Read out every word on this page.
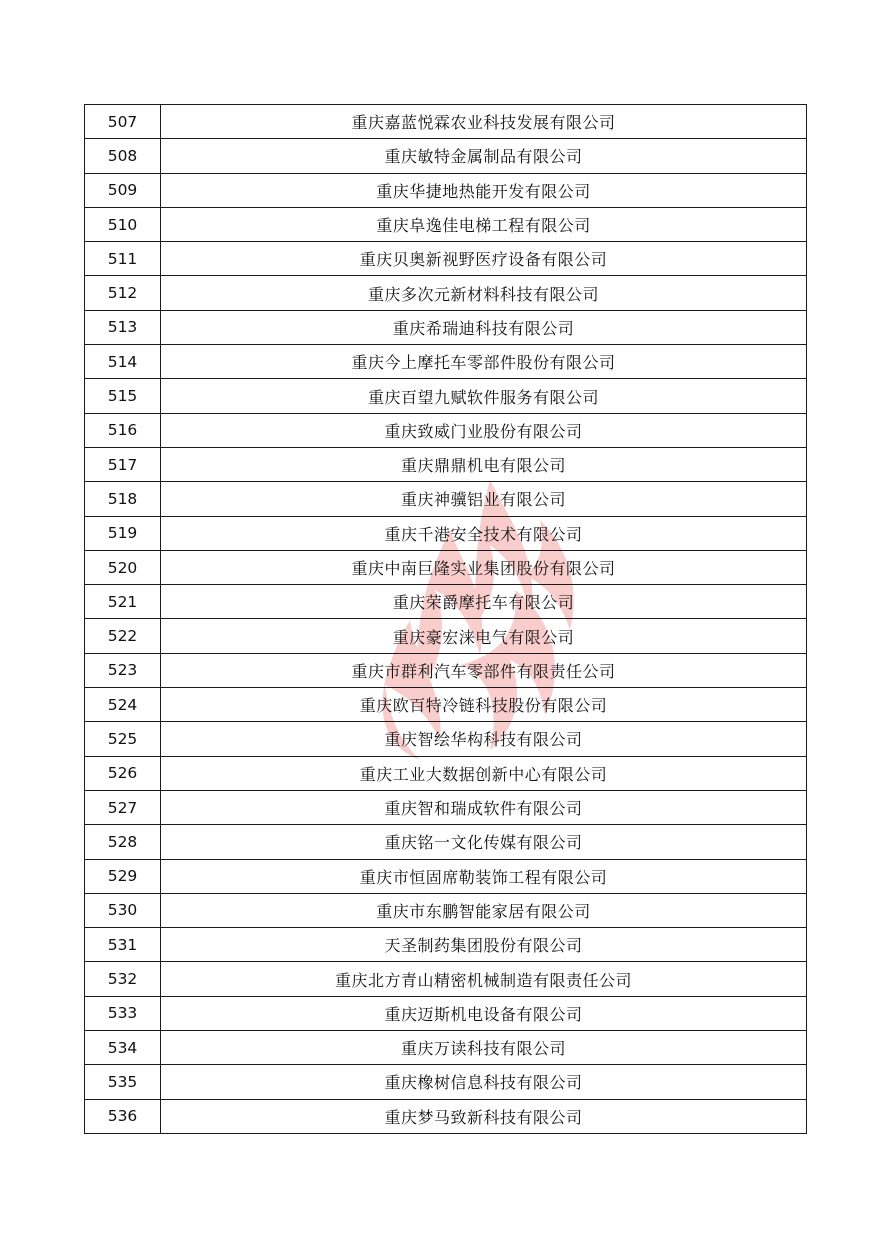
507	重庆嘉蓝悦霖农业科技发展有限公司
508	重庆敏特金属制品有限公司
509	重庆华捷地热能开发有限公司
510	重庆阜逸佳电梯工程有限公司
511	重庆贝奥新视野医疗设备有限公司
512	重庆多次元新材料科技有限公司
513	重庆希瑞迪科技有限公司
514	重庆今上摩托车零部件股份有限公司
515	重庆百望九赋软件服务有限公司
516	重庆致威门业股份有限公司
517	重庆鼎鼎机电有限公司
518	重庆神骥铝业有限公司
519	重庆千港安全技术有限公司
520	重庆中南巨隆实业集团股份有限公司
521	重庆荣爵摩托车有限公司
522	重庆豪宏涞电气有限公司
523	重庆市群利汽车零部件有限责任公司
524	重庆欧百特冷链科技股份有限公司
525	重庆智绘华构科技有限公司
526	重庆工业大数据创新中心有限公司
527	重庆智和瑞成软件有限公司
528	重庆铭一文化传媒有限公司
529	重庆市恒固席勒装饰工程有限公司
530	重庆市东鹏智能家居有限公司
531	天圣制药集团股份有限公司
532	重庆北方青山精密机械制造有限责任公司
533	重庆迈斯机电设备有限公司
534	重庆万读科技有限公司
535	重庆橡树信息科技有限公司
536	重庆梦马致新科技有限公司
